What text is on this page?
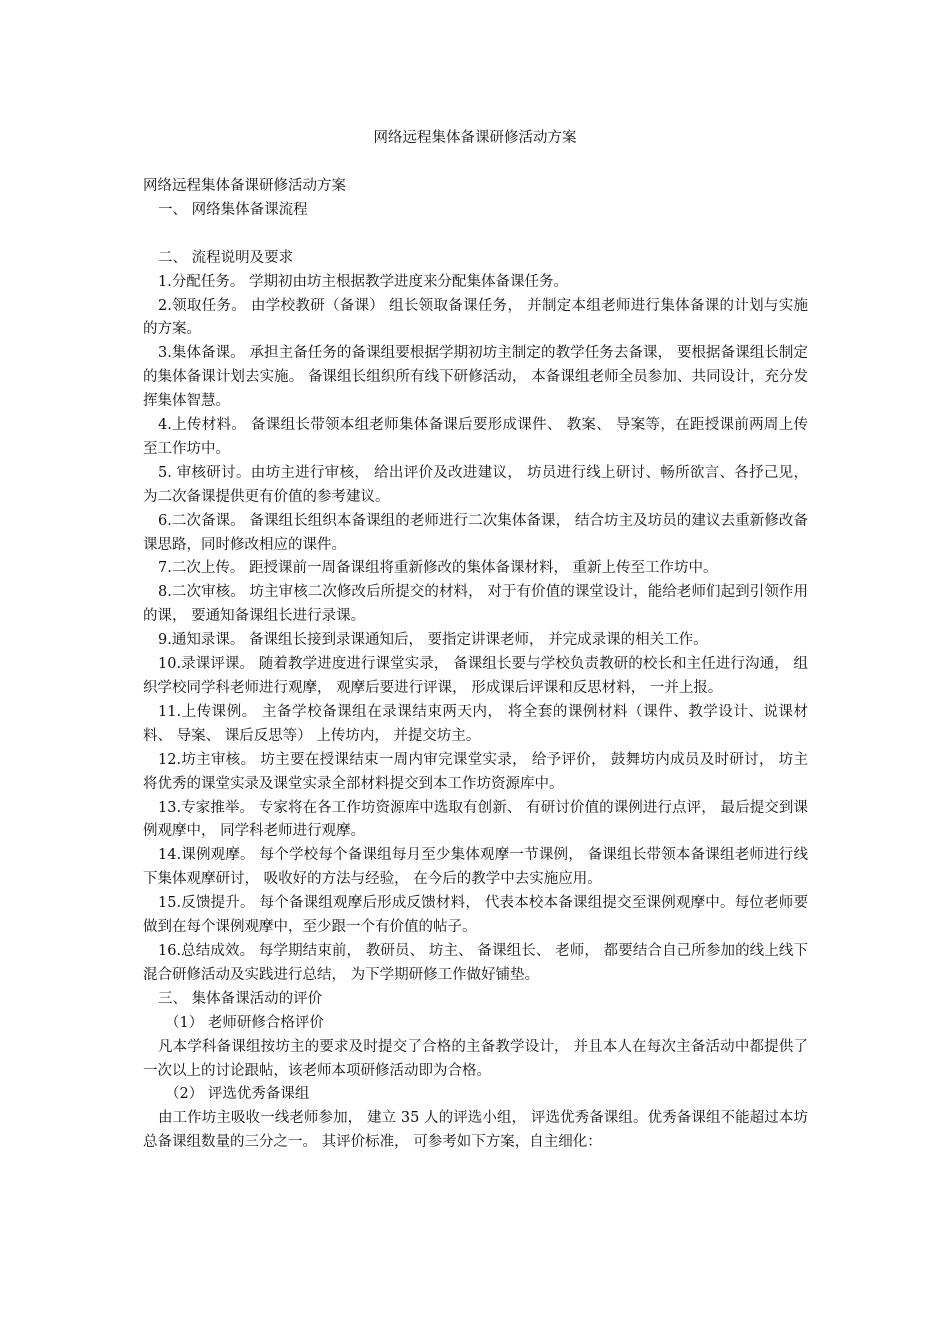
网络远程集体备课研修活动方案

网络远程集体备课研修活动方案

一、 网络集体备课流程

二、 流程说明及要求

1.分配任务。 学期初由坊主根据教学进度来分配集体备课任务。

2.领取任务。 由学校教研（备课） 组长领取备课任务， 并制定本组老师进行集体备课的计划与实施的方案。

3.集体备课。 承担主备任务的备课组要根据学期初坊主制定的教学任务去备课， 要根据备课组长制定的集体备课计划去实施。 备课组长组织所有线下研修活动， 本备课组老师全员参加、共同设计，充分发挥集体智慧。

4.上传材料。 备课组长带领本组老师集体备课后要形成课件、 教案、 导案等，在距授课前两周上传至工作坊中。

5. 审核研讨。由坊主进行审核， 给出评价及改进建议， 坊员进行线上研讨、畅所欲言、各抒己见，为二次备课提供更有价值的参考建议。

6.二次备课。 备课组长组织本备课组的老师进行二次集体备课， 结合坊主及坊员的建议去重新修改备课思路，同时修改相应的课件。

7.二次上传。 距授课前一周备课组将重新修改的集体备课材料， 重新上传至工作坊中。

8.二次审核。 坊主审核二次修改后所提交的材料， 对于有价值的课堂设计，能给老师们起到引领作用的课， 要通知备课组长进行录课。

9.通知录课。 备课组长接到录课通知后， 要指定讲课老师， 并完成录课的相关工作。

10.录课评课。 随着教学进度进行课堂实录， 备课组长要与学校负责教研的校长和主任进行沟通， 组织学校同学科老师进行观摩， 观摩后要进行评课， 形成课后评课和反思材料， 一并上报。

11.上传课例。 主备学校备课组在录课结束两天内， 将全套的课例材料（课件、教学设计、说课材料、 导案、 课后反思等） 上传坊内， 并提交坊主。

12.坊主审核。 坊主要在授课结束一周内审完课堂实录， 给予评价， 鼓舞坊内成员及时研讨， 坊主将优秀的课堂实录及课堂实录全部材料提交到本工作坊资源库中。

13.专家推举。 专家将在各工作坊资源库中选取有创新、 有研讨价值的课例进行点评， 最后提交到课例观摩中， 同学科老师进行观摩。

14.课例观摩。 每个学校每个备课组每月至少集体观摩一节课例， 备课组长带领本备课组老师进行线下集体观摩研讨， 吸收好的方法与经验， 在今后的教学中去实施应用。

15.反馈提升。 每个备课组观摩后形成反馈材料， 代表本校本备课组提交至课例观摩中。每位老师要做到在每个课例观摩中，至少跟一个有价值的帖子。

16.总结成效。 每学期结束前， 教研员、 坊主、 备课组长、 老师， 都要结合自己所参加的线上线下混合研修活动及实践进行总结， 为下学期研修工作做好铺垫。

三、 集体备课活动的评价

（1） 老师研修合格评价

凡本学科备课组按坊主的要求及时提交了合格的主备教学设计， 并且本人在每次主备活动中都提供了一次以上的讨论跟帖，该老师本项研修活动即为合格。

（2） 评选优秀备课组

由工作坊主吸收一线老师参加， 建立 35 人的评选小组， 评选优秀备课组。优秀备课组不能超过本坊总备课组数量的三分之一。 其评价标准， 可参考如下方案，自主细化：
